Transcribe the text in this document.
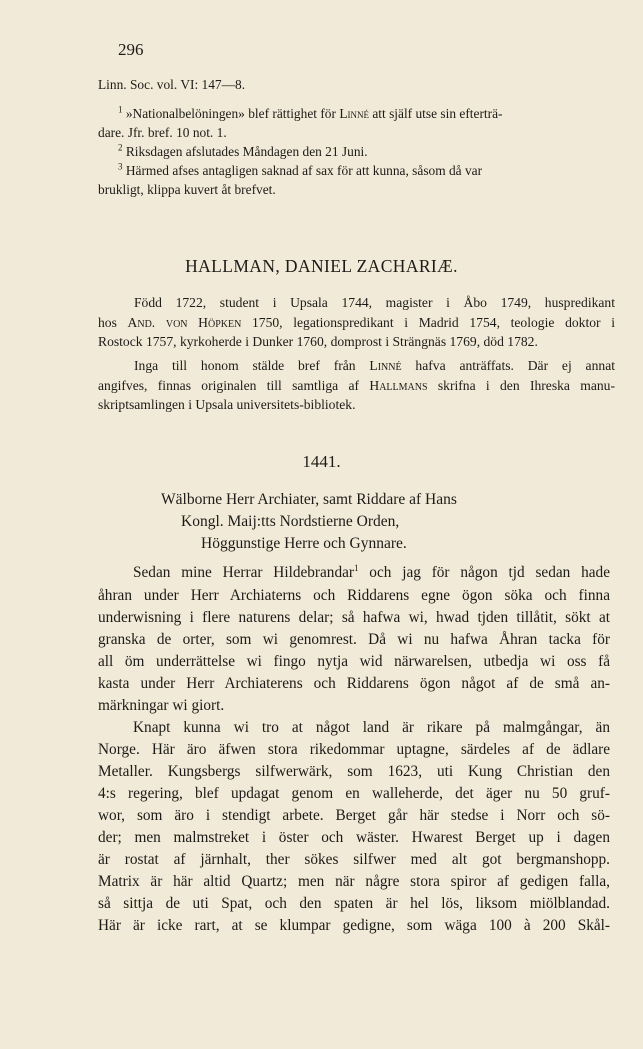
296
Linn. Soc. vol. VI: 147—8.
$^1$ »Nationalbelöningen» blef rättighet för Linné att själf utse sin efterträ-
dare. Jfr. bref. 10 not. 1.
$^2$ Riksdagen afslutades Måndagen den 21 Juni.
$^3$ Härmed afses antagligen saknad af sax för att kunna, såsom då var
brukligt, klippa kuvert åt brefvet.
HALLMAN, DANIEL ZACHARIÆ.
Född 1722, student i Upsala 1744, magister i Åbo 1749, huspredikant
hos And. von Höpken 1750, legationspredikant i Madrid 1754, teologie doktor i
Rostock 1757, kyrkoherde i Dunker 1760, domprost i Strängnäs 1769, död 1782.
Inga till honom stälde bref från Linné hafva anträffats. Där ej annat
angifves, finnas originalen till samtliga af Hallmans skrifna i den Ihreska manu-
skriptsamlingen i Upsala universitets-bibliotek.
1441.
Wälborne Herr Archiater, samt Riddare af Hans
Kongl. Maij:tts Nordstierne Orden,
Höggunstige Herre och Gynnare.
Sedan mine Herrar Hildebrandar$^1$ och jag för någon tjd sedan hade
åhran under Herr Archiaterns och Riddarens egne ögon söka och finna
underwisning i flere naturens delar; så hafwa wi, hwad tjden tillåtit, sökt at
granska de orter, som wi genomrest. Då wi nu hafwa Åhran tacka för
all öm underrättelse wi fingo nytja wid närwarelsen, utbedja wi oss få
kasta under Herr Archiaterens och Riddarens ögon något af de små an-
märkningar wi giort.
Knapt kunna wi tro at något land är rikare på malmgångar, än
Norge. Här äro äfwen stora rikedommar uptagne, särdeles af de ädlare
Metaller. Kungsbergs silfwerwärk, som 1623, uti Kung Christian den
4:s regering, blef updagat genom en walleherde, det äger nu 50 gruf-
wor, som äro i stendigt arbete. Berget går här stedse i Norr och sö-
der; men malmstreket i öster och wäster. Hwarest Berget up i dagen
är rostat af järnhalt, ther sökes silfwer med alt got bergmanshopp.
Matrix är här altid Quartz; men när någre stora spiror af gedigen falla,
så sittja de uti Spat, och den spaten är hel lös, liksom miölblandad.
Här är icke rart, at se klumpar gedigne, som wäga 100 à 200 Skål-
